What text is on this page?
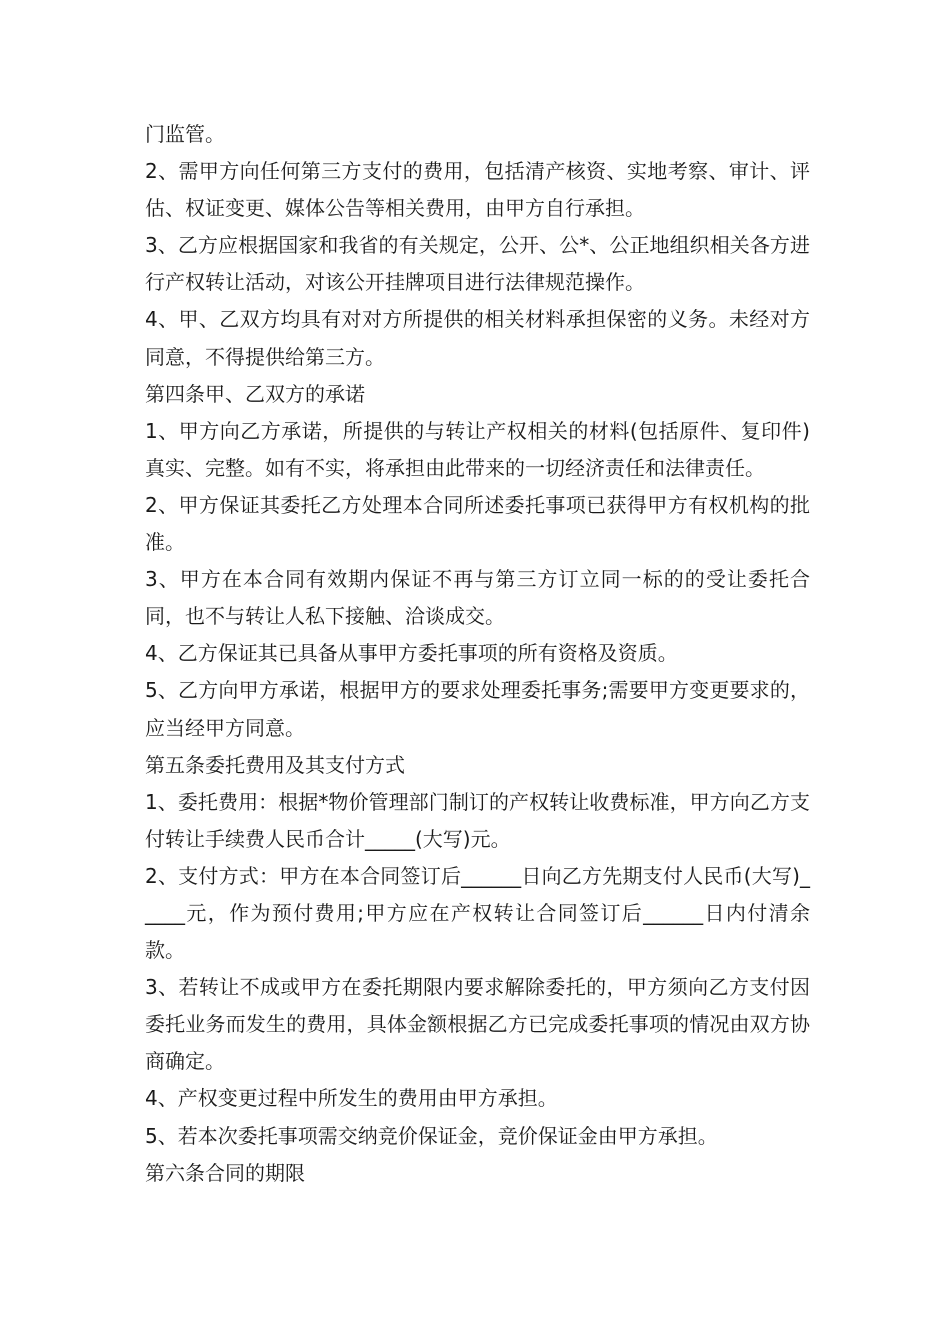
门监管。

2、需甲方向任何第三方支付的费用，包括清产核资、实地考察、审计、评估、权证变更、媒体公告等相关费用，由甲方自行承担。

3、乙方应根据国家和我省的有关规定，公开、公*、公正地组织相关各方进行产权转让活动，对该公开挂牌项目进行法律规范操作。

4、甲、乙双方均具有对对方所提供的相关材料承担保密的义务。未经对方同意，不得提供给第三方。

第四条甲、乙双方的承诺

1、甲方向乙方承诺，所提供的与转让产权相关的材料(包括原件、复印件)真实、完整。如有不实，将承担由此带来的一切经济责任和法律责任。

2、甲方保证其委托乙方处理本合同所述委托事项已获得甲方有权机构的批准。

3、甲方在本合同有效期内保证不再与第三方订立同一标的的受让委托合同，也不与转让人私下接触、洽谈成交。

4、乙方保证其已具备从事甲方委托事项的所有资格及资质。

5、乙方向甲方承诺，根据甲方的要求处理委托事务;需要甲方变更要求的，应当经甲方同意。

第五条委托费用及其支付方式

1、委托费用：根据*物价管理部门制订的产权转让收费标准，甲方向乙方支付转让手续费人民币合计_____(大写)元。

2、支付方式：甲方在本合同签订后______日向乙方先期支付人民币(大写)_____元，作为预付费用;甲方应在产权转让合同签订后______日内付清余款。

3、若转让不成或甲方在委托期限内要求解除委托的，甲方须向乙方支付因委托业务而发生的费用，具体金额根据乙方已完成委托事项的情况由双方协商确定。

4、产权变更过程中所发生的费用由甲方承担。

5、若本次委托事项需交纳竞价保证金，竞价保证金由甲方承担。

第六条合同的期限
